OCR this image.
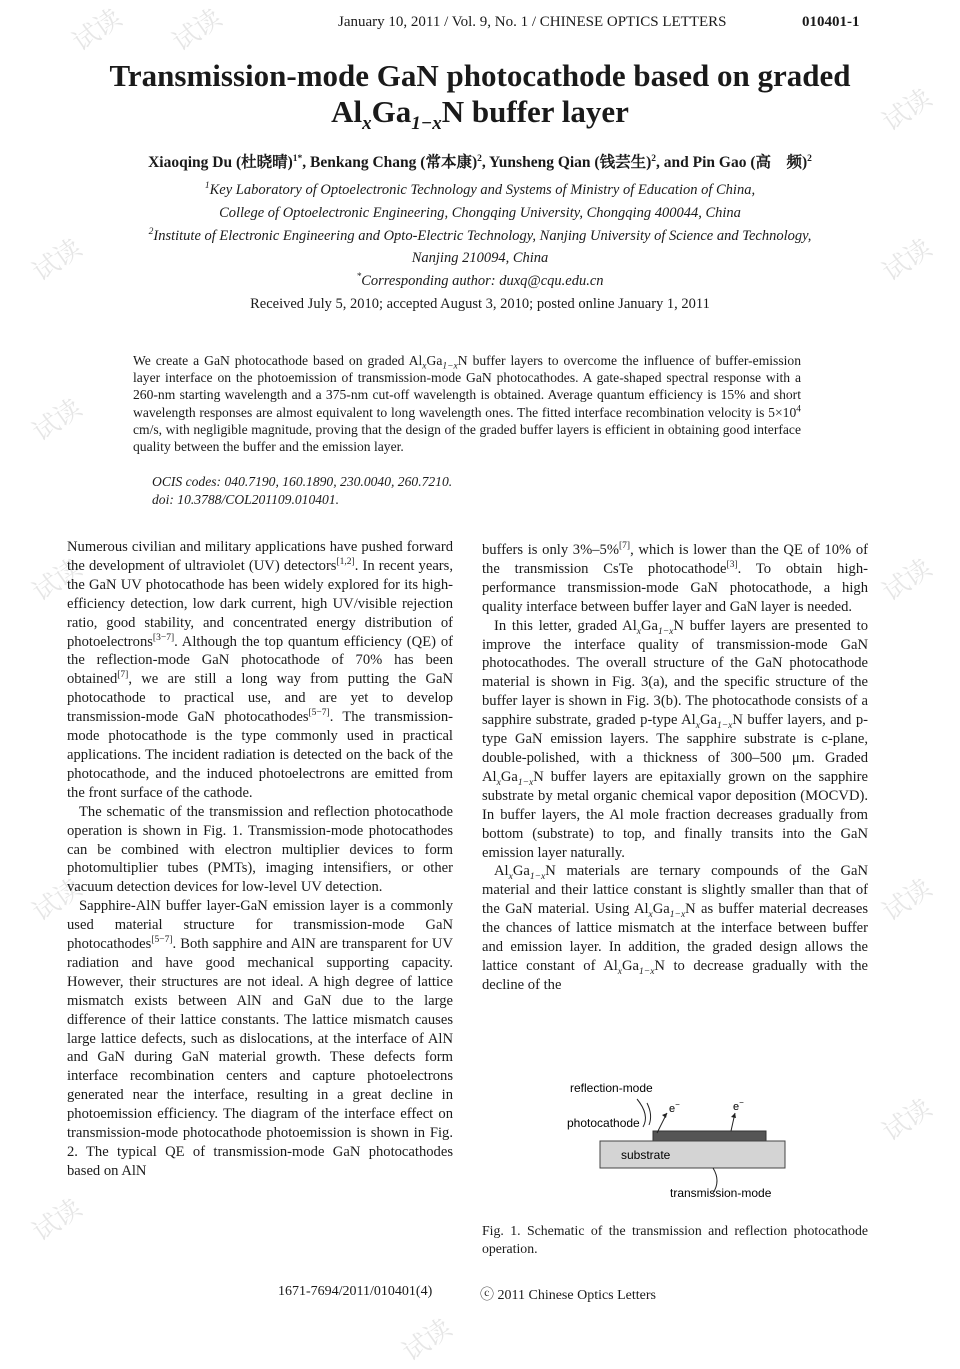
试读 试读
试读
试读	试读
试读
试读
试读
试读	试读
试读
试读
试读
January 10, 2011 / Vol. 9, No. 1 / CHINESE OPTICS LETTERS	010401-1
Transmission-mode GaN photocathode based on graded
$Al_xGa_{1-x}N$ buffer layer
Xiaoqing Du (杜晓晴)$^{1*}$, Benkang Chang (常本康)$^2$, Yunsheng Qian (钱芸生)$^2$, and Pin Gao (高　频)$^2$
$^1$Key Laboratory of Optoelectronic Technology and Systems of Ministry of Education of China,
College of Optoelectronic Engineering, Chongqing University, Chongqing 400044, China
$^2$Institute of Electronic Engineering and Opto-Electric Technology, Nanjing University of Science and Technology,
Nanjing 210094, China
*Corresponding author: duxq@cqu.edu.cn
Received July 5, 2010; accepted August 3, 2010; posted online January 1, 2011
We create a GaN photocathode based on graded $Al_xGa_{1-x}N$ buffer layers to overcome the influence of buffer-emission layer interface on the photoemission of transmission-mode GaN photocathodes. A gate-shaped spectral response with a 260-nm starting wavelength and a 375-nm cut-off wavelength is obtained. Average quantum efficiency is 15% and short wavelength responses are almost equivalent to long wavelength ones. The fitted interface recombination velocity is $5\times 10^4$ cm/s, with negligible magnitude, proving that the design of the graded buffer layers is efficient in obtaining good interface quality between the buffer and the emission layer.
OCIS codes: 040.7190, 160.1890, 230.0040, 260.7210.
doi: 10.3788/COL201109.010401.

Numerous civilian and military applications have pushed forward the development of ultraviolet (UV) detectors[1,2]. In recent years, the GaN UV photocathode has been widely explored for its high-efficiency detection, low dark current, high UV/visible rejection ratio, good stability, and concentrated energy distribution of photoelectrons[3−7]. Although the top quantum efficiency (QE) of the reflection-mode GaN photocathode of 70% has been obtained[7], we are still a long way from putting the GaN photocathode to practical use, and are yet to develop transmission-mode GaN photocathodes[5−7]. The transmission-mode photocathode is the type commonly used in practical applications. The incident radiation is detected on the back of the photocathode, and the induced photoelectrons are emitted from the front surface of the cathode.

The schematic of the transmission and reflection photocathode operation is shown in Fig. 1. Transmission-mode photocathodes can be combined with electron multiplier devices to form photomultiplier tubes (PMTs), imaging intensifiers, or other vacuum detection devices for low-level UV detection.

Sapphire-AlN buffer layer-GaN emission layer is a commonly used material structure for transmission-mode GaN photocathodes[5−7]. Both sapphire and AlN are transparent for UV radiation and have good mechanical supporting capacity. However, their structures are not ideal. A high degree of lattice mismatch exists between AlN and GaN due to the large difference of their lattice constants. The lattice mismatch causes large lattice defects, such as dislocations, at the interface of AlN and GaN during GaN material growth. These defects form interface recombination centers and capture photoelectrons generated near the interface, resulting in a great decline in photoemission efficiency. The diagram of the interface effect on transmission-mode photocathode photoemission is shown in Fig. 2. The typical QE of transmission-mode GaN photocathodes based on AlN

buffers is only 3%–5%[7], which is lower than the QE of 10% of the transmission CsTe photocathode[3]. To obtain high-performance transmission-mode GaN photocathode, a high quality interface between buffer layer and GaN layer is needed.

In this letter, graded $Al_xGa_{1-x}N$ buffer layers are presented to improve the interface quality of transmission-mode GaN photocathodes. The overall structure of the GaN photocathode material is shown in Fig. 3(a), and the specific structure of the buffer layer is shown in Fig. 3(b). The photocathode consists of a sapphire substrate, graded p-type $Al_xGa_{1-x}N$ buffer layers, and p-type GaN emission layers. The sapphire substrate is c-plane, double-polished, with a thickness of 300–500 μm. Graded $Al_xGa_{1-x}N$ buffer layers are epitaxially grown on the sapphire substrate by metal organic chemical vapor deposition (MOCVD). In buffer layers, the Al mole fraction decreases gradually from bottom (substrate) to top, and finally transits into the GaN emission layer naturally.

$Al_xGa_{1-x}N$ materials are ternary compounds of the GaN material and their lattice constant is slightly smaller than that of the GaN material. Using $Al_xGa_{1-x}N$ as buffer material decreases the chances of lattice mismatch at the interface between buffer and emission layer. In addition, the graded design allows the lattice constant of $Al_xGa_{1-x}N$ to decrease gradually with the decline of the

reflection-mode
photocathode
substrate
e−	e−
transmission-mode
Fig. 1. Schematic of the transmission and reflection photocathode operation.
1671-7694/2011/010401(4)	ⓒ 2011 Chinese Optics Letters
